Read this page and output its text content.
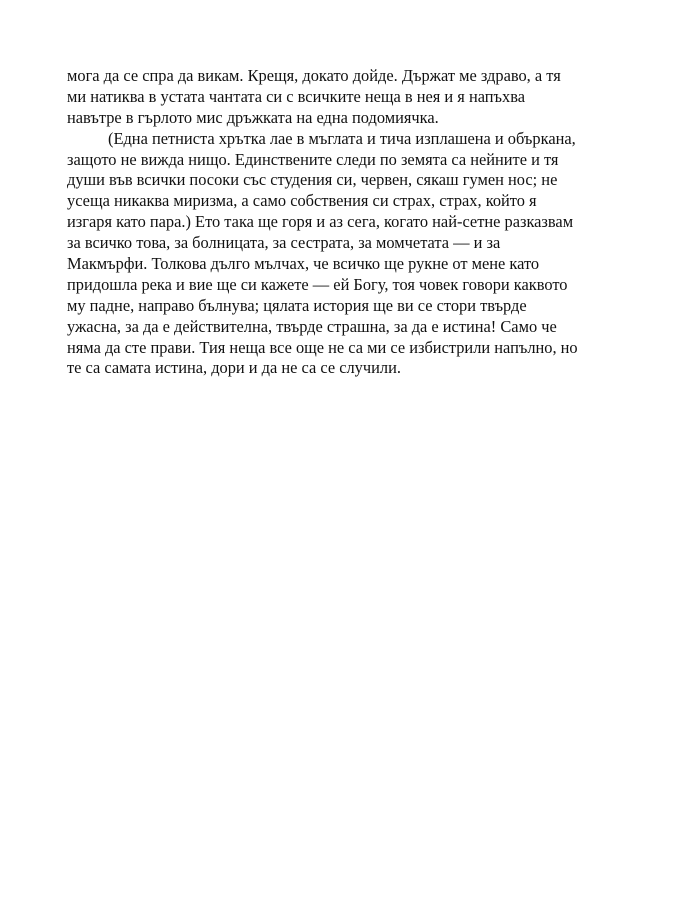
мога да се спра да викам. Крещя, докато дойде. Държат ме здраво, а тя
ми натиква в устата чантата си с всичките неща в нея и я напъхва
навътре в гърлото мис дръжката на една подомиячка.
(Една петниста хрътка лае в мъглата и тича изплашена и объркана,
защото не вижда нищо. Единствените следи по земята са нейните и тя
души във всички посоки със студения си, червен, сякаш гумен нос; не
усеща никаква миризма, а само собствения си страх, страх, който я
изгаря като пара.) Ето така ще горя и аз сега, когато най-сетне разказвам
за всичко това, за болницата, за сестрата, за момчетата — и за
Макмърфи. Толкова дълго мълчах, че всичко ще рукне от мене като
придошла река и вие ще си кажете — ей Богу, тоя човек говори каквото
му падне, направо бълнува; цялата история ще ви се стори твърде
ужасна, за да е действителна, твърде страшна, за да е истина! Само че
няма да сте прави. Тия неща все още не са ми се избистрили напълно, но
те са самата истина, дори и да не са се случили.
